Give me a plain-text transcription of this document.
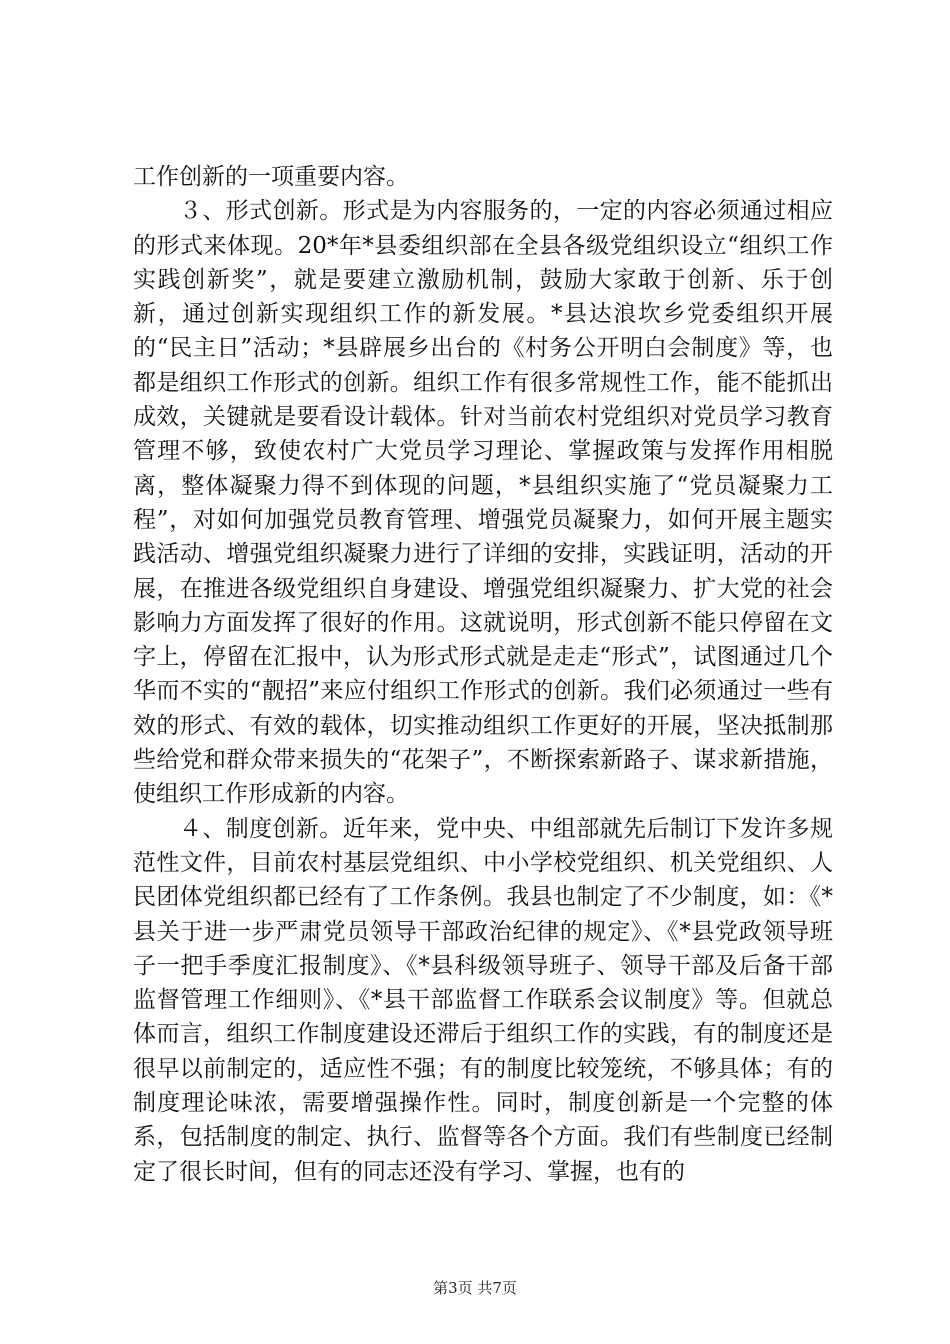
工作创新的一项重要内容。

３、形式创新。形式是为内容服务的，一定的内容必须通过相应的形式来体现。20*年*县委组织部在全县各级党组织设立“组织工作实践创新奖”，就是要建立激励机制，鼓励大家敢于创新、乐于创新，通过创新实现组织工作的新发展。*县达浪坎乡党委组织开展的“民主日”活动；*县辟展乡出台的《村务公开明白会制度》等，也都是组织工作形式的创新。组织工作有很多常规性工作，能不能抓出成效，关键就是要看设计载体。针对当前农村党组织对党员学习教育管理不够，致使农村广大党员学习理论、掌握政策与发挥作用相脱离，整体凝聚力得不到体现的问题，*县组织实施了“党员凝聚力工程”，对如何加强党员教育管理、增强党员凝聚力，如何开展主题实践活动、增强党组织凝聚力进行了详细的安排，实践证明，活动的开展，在推进各级党组织自身建设、增强党组织凝聚力、扩大党的社会影响力方面发挥了很好的作用。这就说明，形式创新不能只停留在文字上，停留在汇报中，认为形式形式就是走走“形式”，试图通过几个华而不实的“靓招”来应付组织工作形式的创新。我们必须通过一些有效的形式、有效的载体，切实推动组织工作更好的开展，坚决抵制那些给党和群众带来损失的“花架子”，不断探索新路子、谋求新措施，使组织工作形成新的内容。

４、制度创新。近年来，党中央、中组部就先后制订下发许多规范性文件，目前农村基层党组织、中小学校党组织、机关党组织、人民团体党组织都已经有了工作条例。我县也制定了不少制度，如：《*县关于进一步严肃党员领导干部政治纪律的规定》、《*县党政领导班子一把手季度汇报制度》、《*县科级领导班子、领导干部及后备干部监督管理工作细则》、《*县干部监督工作联系会议制度》等。但就总体而言，组织工作制度建设还滞后于组织工作的实践，有的制度还是很早以前制定的，适应性不强；有的制度比较笼统，不够具体；有的制度理论味浓，需要增强操作性。同时，制度创新是一个完整的体系，包括制度的制定、执行、监督等各个方面。我们有些制度已经制定了很长时间，但有的同志还没有学习、掌握，也有的

第3页 共7页
